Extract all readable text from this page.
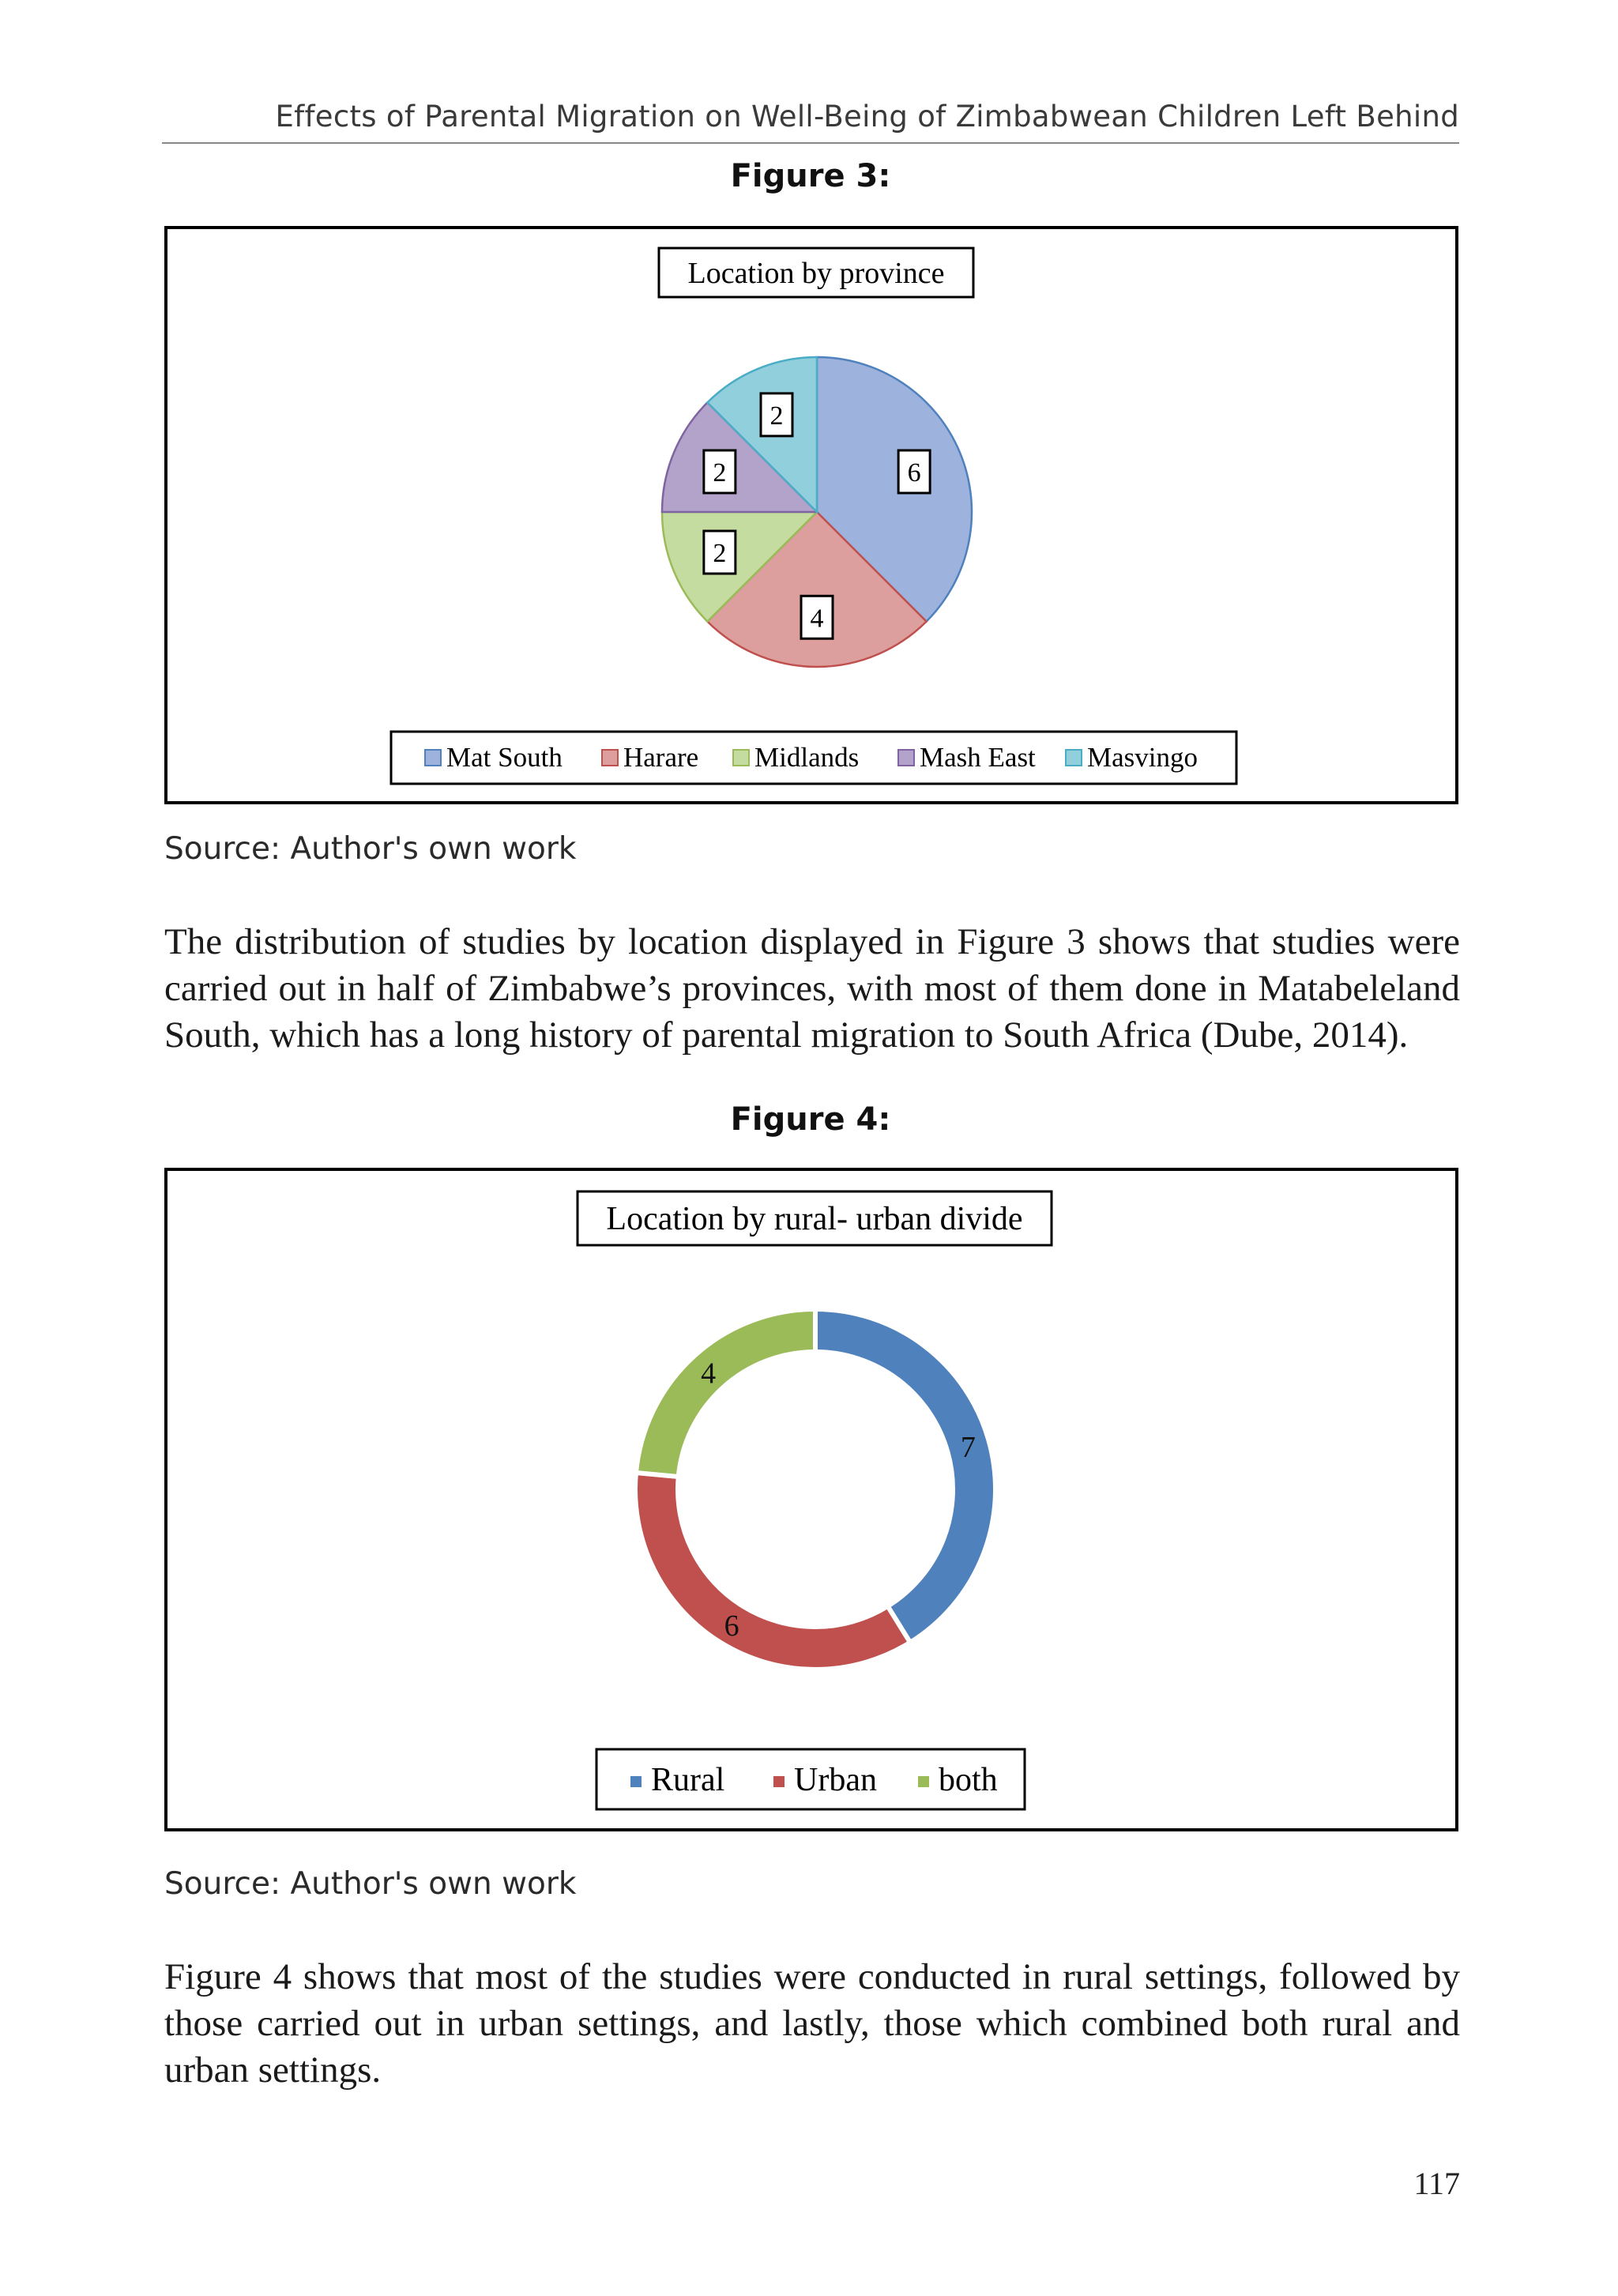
Effects of Parental Migration on Well-Being of Zimbabwean Children Left Behind
Figure 3:
Location by province
6
4
2
2
2
Mat South Harare Midlands Mash East Masvingo
Source: Author's own work
The distribution of studies by location displayed in Figure 3 shows that studies were
carried out in half of Zimbabwe’s provinces, with most of them done in Matabeleland
South, which has a long history of parental migration to South Africa (Dube, 2014).
Figure 4:
Location by rural- urban divide
7
6
4
Rural Urban both
Source: Author's own work
Figure 4 shows that most of the studies were conducted in rural settings, followed by
those carried out in urban settings, and lastly, those which combined both rural and
urban settings.
117
